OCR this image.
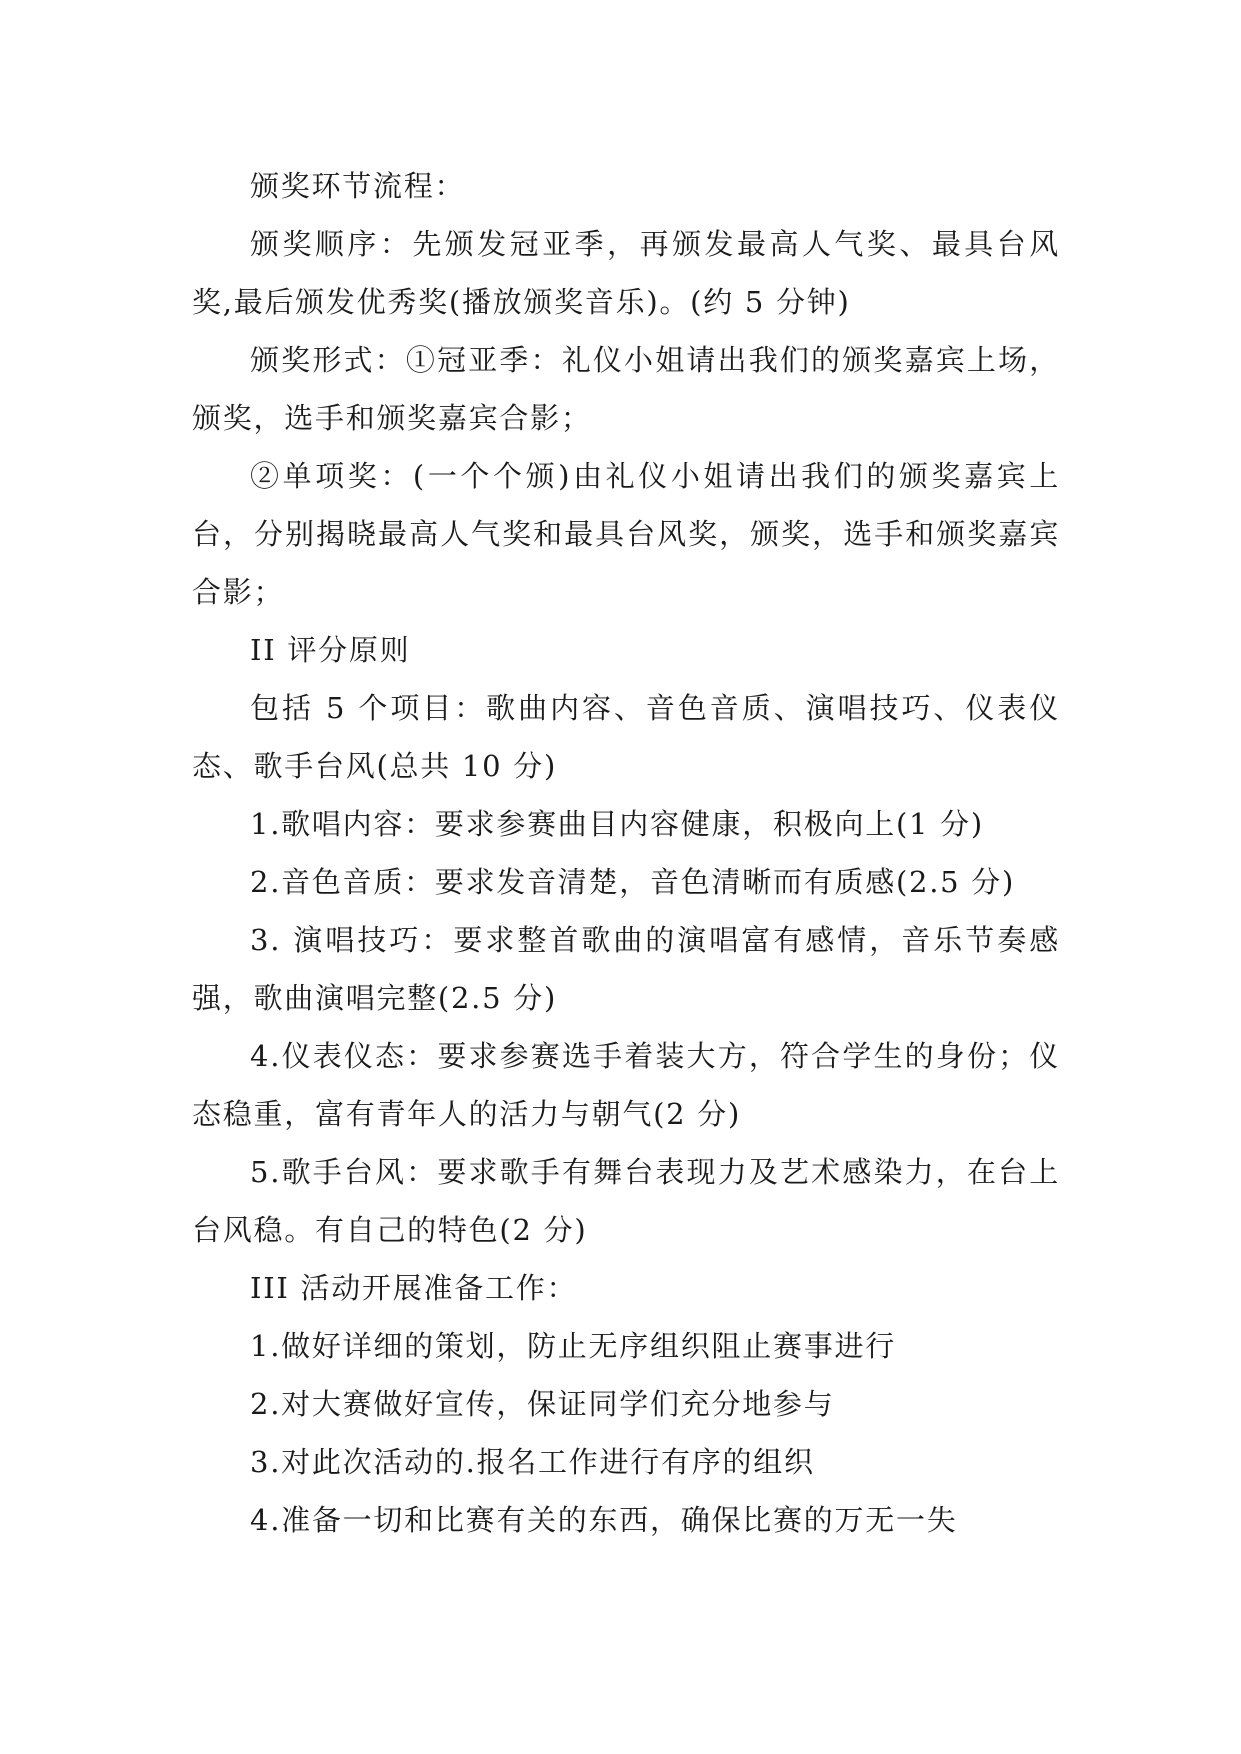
颁奖环节流程：

颁奖顺序：先颁发冠亚季，再颁发最高人气奖、最具台风奖,最后颁发优秀奖(播放颁奖音乐)。(约 5 分钟)

颁奖形式：①冠亚季：礼仪小姐请出我们的颁奖嘉宾上场，颁奖，选手和颁奖嘉宾合影；

②单项奖：(一个个颁)由礼仪小姐请出我们的颁奖嘉宾上台，分别揭晓最高人气奖和最具台风奖，颁奖，选手和颁奖嘉宾合影；

II 评分原则

包括 5 个项目：歌曲内容、音色音质、演唱技巧、仪表仪态、歌手台风(总共 10 分)

1.歌唱内容：要求参赛曲目内容健康，积极向上(1 分)

2.音色音质：要求发音清楚，音色清晰而有质感(2.5 分)

3. 演唱技巧：要求整首歌曲的演唱富有感情，音乐节奏感强，歌曲演唱完整(2.5 分)

4.仪表仪态：要求参赛选手着装大方，符合学生的身份；仪态稳重，富有青年人的活力与朝气(2 分)

5.歌手台风：要求歌手有舞台表现力及艺术感染力，在台上台风稳。有自己的特色(2 分)

III 活动开展准备工作：

1.做好详细的策划，防止无序组织阻止赛事进行

2.对大赛做好宣传，保证同学们充分地参与

3.对此次活动的.报名工作进行有序的组织

4.准备一切和比赛有关的东西，确保比赛的万无一失
